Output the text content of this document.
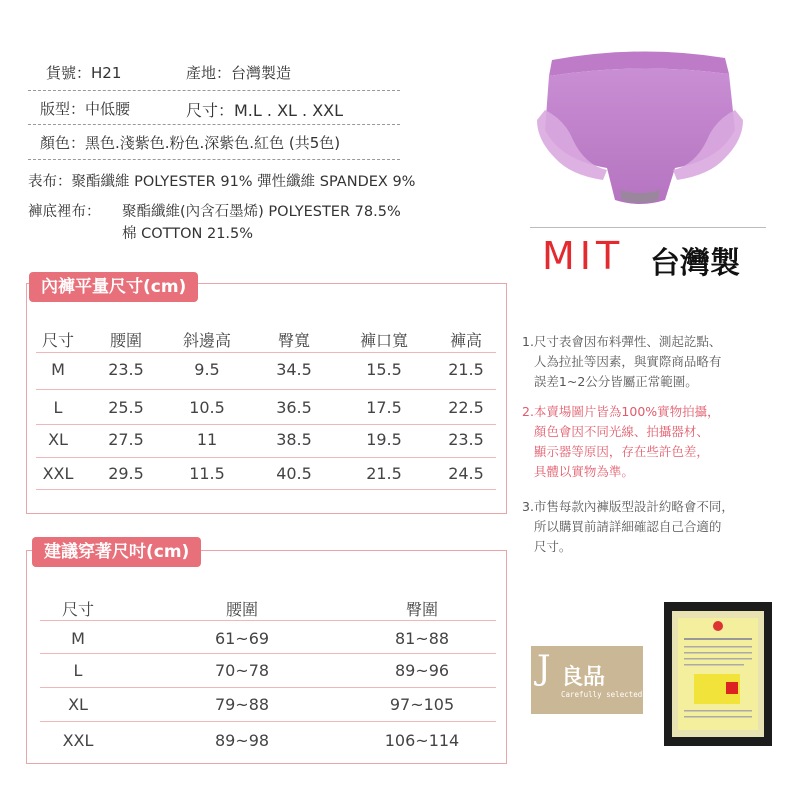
貨號：H21	產地：台灣製造
版型：中低腰	尺寸：M.L . XL . XXL
顏色：黑色.淺紫色.粉色.深紫色.紅色 (共5色)
表布：聚酯纖維 POLYESTER 91% 彈性纖維 SPANDEX 9%
褲底裡布： 聚酯纖維(內含石墨烯) POLYESTER 78.5%
棉 COTTON 21.5%	MIT 台灣製
內褲平量尺寸(cm)
尺寸	腰圍	斜邊高	臀寬	褲口寬	褲高
M	23.5	9.5	34.5	15.5	21.5
L	25.5	10.5	36.5	17.5	22.5
XL	27.5	11	38.5	19.5	23.5
XXL	29.5	11.5	40.5	21.5	24.5
建議穿著尺吋(cm)
尺寸	腰圍	臀圍
M	61~69	81~88
L	70~78	89~96
XL	79~88	97~105
XXL	89~98	106~114
1.尺寸表會因布料彈性、測起訖點、
人為拉扯等因素，與實際商品略有
誤差1~2公分皆屬正常範圍。
2.本賣場圖片皆為100%實物拍攝，
顏色會因不同光線、拍攝器材、
顯示器等原因，存在些許色差，
具體以實物為準。
3.市售每款內褲版型設計約略會不同，
所以購買前請詳細確認自己合適的
尺寸。
J 良品
Carefully selected
